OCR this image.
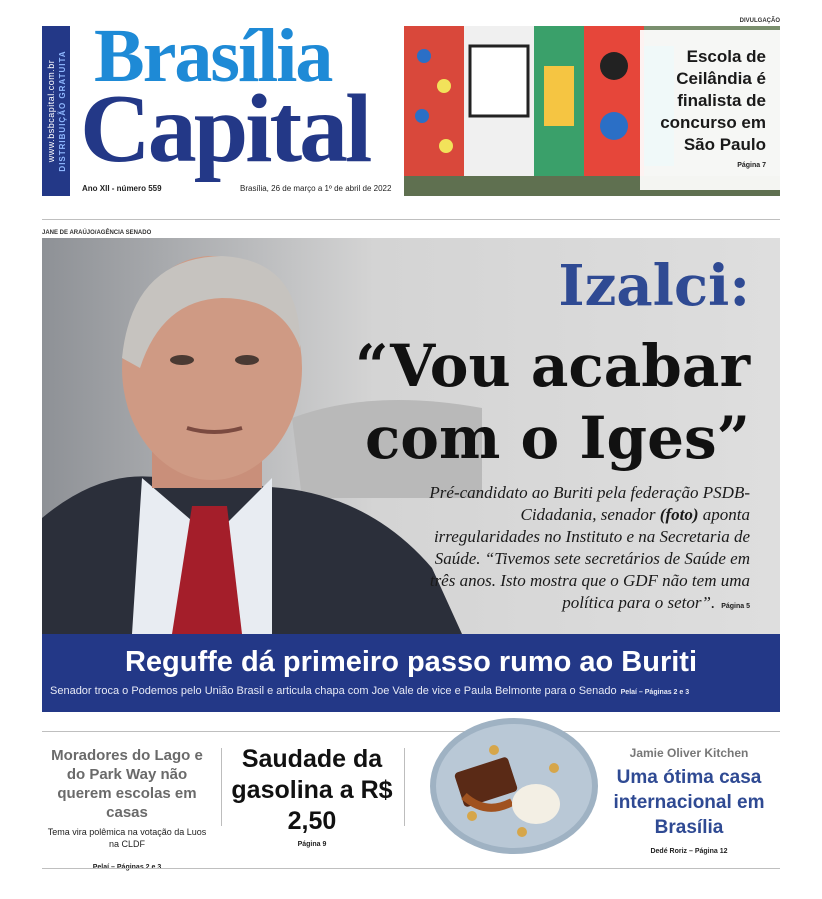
www.bsbcapital.com.br DISTRIBUIÇÃO GRATUITA Brasília
Capital
Ano XII - número 559	Brasília, 26 de março a 1º de abril de 2022
DIVULGAÇÃO
Escola de Ceilândia é finalista de concurso em São Paulo
Página 7
JANE DE ARAÚJO/AGÊNCIA SENADO
Izalci:
“Vou acabar com o Iges”
Pré-candidato ao Buriti pela federação PSDB-Cidadania, senador (foto) aponta irregularidades no Instituto e na Secretaria de Saúde. “Tivemos sete secretários de Saúde em três anos. Isto mostra que o GDF não tem uma política para o setor”. Página 5
Reguffe dá primeiro passo rumo ao Buriti
Senador troca o Podemos pelo União Brasil e articula chapa com Joe Vale de vice e Paula Belmonte para o Senado Pelaí – Páginas 2 e 3
Moradores do Lago e do Park Way não querem escolas em casas
Tema vira polêmica na votação da Luos na CLDF
Saudade da gasolina a R$ 2,50
Página 9
Jamie Oliver Kitchen
Uma ótima casa internacional em Brasília
Dedé Roriz – Página 12
